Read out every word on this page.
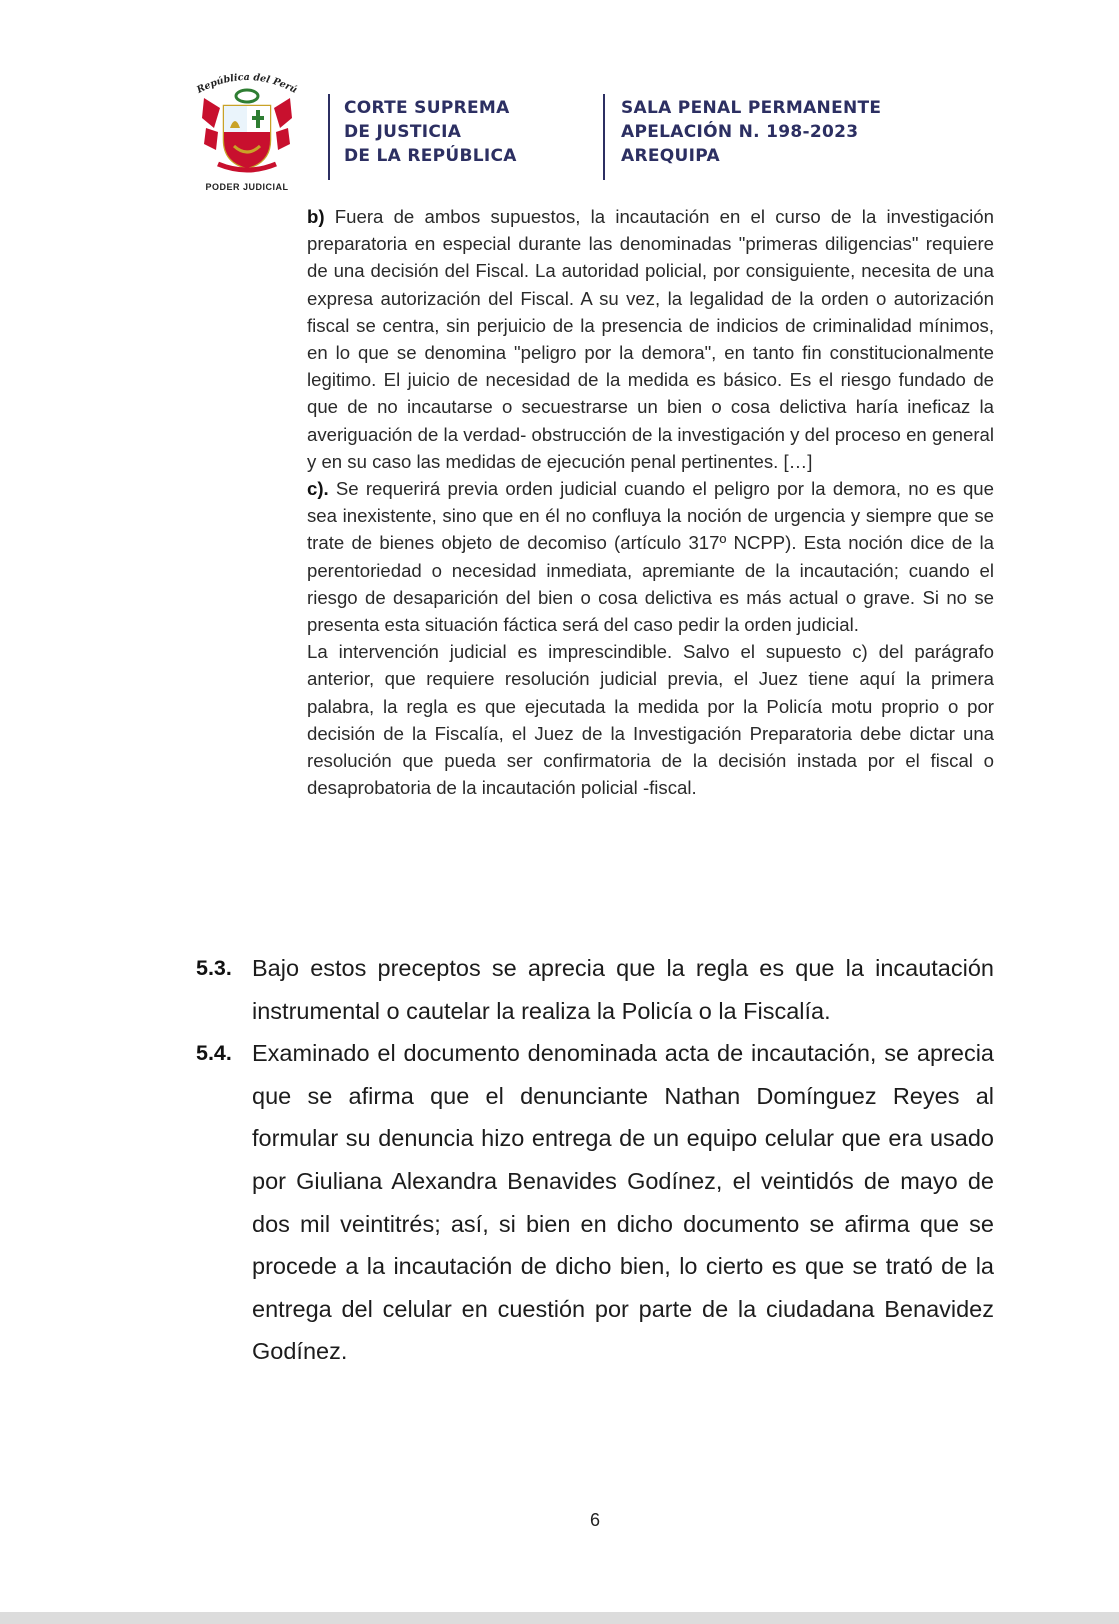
República del Perú
PODER JUDICIAL
CORTE SUPREMA
DE JUSTICIA
DE LA REPÚBLICA
SALA PENAL PERMANENTE
APELACIÓN N. 198-2023
AREQUIPA

b) Fuera de ambos supuestos, la incautación en el curso de la investigación preparatoria en especial durante las denominadas "primeras diligencias" requiere de una decisión del Fiscal. La autoridad policial, por consiguiente, necesita de una expresa autorización del Fiscal. A su vez, la legalidad de la orden o autorización fiscal se centra, sin perjuicio de la presencia de indicios de criminalidad mínimos, en lo que se denomina "peligro por la demora", en tanto fin constitucionalmente legitimo. El juicio de necesidad de la medida es básico. Es el riesgo fundado de que de no incautarse o secuestrarse un bien o cosa delictiva haría ineficaz la averiguación de la verdad- obstrucción de la investigación y del proceso en general y en su caso las medidas de ejecución penal pertinentes. […]

c). Se requerirá previa orden judicial cuando el peligro por la demora, no es que sea inexistente, sino que en él no confluya la noción de urgencia y siempre que se trate de bienes objeto de decomiso (artículo 317º NCPP). Esta noción dice de la perentoriedad o necesidad inmediata, apremiante de la incautación; cuando el riesgo de desaparición del bien o cosa delictiva es más actual o grave. Si no se presenta esta situación fáctica será del caso pedir la orden judicial.

La intervención judicial es imprescindible. Salvo el supuesto c) del parágrafo anterior, que requiere resolución judicial previa, el Juez tiene aquí la primera palabra, la regla es que ejecutada la medida por la Policía motu proprio o por decisión de la Fiscalía, el Juez de la Investigación Preparatoria debe dictar una resolución que pueda ser confirmatoria de la decisión instada por el fiscal o desaprobatoria de la incautación policial -fiscal.

5.3. Bajo estos preceptos se aprecia que la regla es que la incautación instrumental o cautelar la realiza la Policía o la Fiscalía.
5.4. Examinado el documento denominada acta de incautación, se aprecia que se afirma que el denunciante Nathan Domínguez Reyes al formular su denuncia hizo entrega de un equipo celular que era usado por Giuliana Alexandra Benavides Godínez, el veintidós de mayo de dos mil veintitrés; así, si bien en dicho documento se afirma que se procede a la incautación de dicho bien, lo cierto es que se trató de la entrega del celular en cuestión por parte de la ciudadana Benavidez Godínez.
6
